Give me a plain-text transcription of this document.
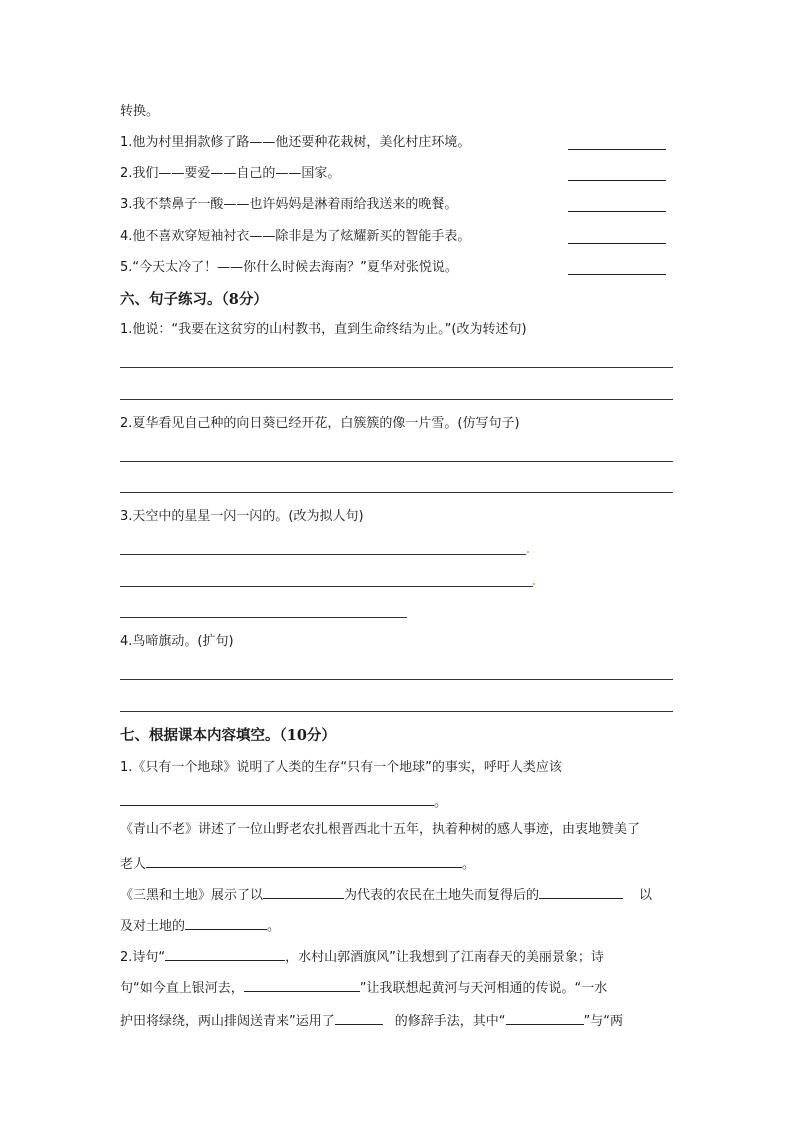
转换。
1.他为村里捐款修了路——他还要种花栽树，美化村庄环境。
2.我们——要爱——自己的——国家。
3.我不禁鼻子一酸——也许妈妈是淋着雨给我送来的晚餐。
4.他不喜欢穿短袖衬衣——除非是为了炫耀新买的智能手表。
5.“今天太冷了！——你什么时候去海南？”夏华对张悦说。
六、句子练习。（8分）
1.他说：“我要在这贫穷的山村教书，直到生命终结为止。”(改为转述句)
2.夏华看见自己种的向日葵已经开花，白簇簇的像一片雪。(仿写句子)
3.天空中的星星一闪一闪的。(改为拟人句)
4.鸟啼旗动。(扩句)
七、根据课本内容填空。（10分）
1.《只有一个地球》说明了人类的生存“只有一个地球”的事实，呼吁人类应该
。
《青山不老》讲述了一位山野老农扎根晋西北十五年，执着种树的感人事迹，由衷地赞美了
老人	。
《三黑和土地》展示了以	为代表的农民在土地失而复得后的	以
及对土地的	。
2.诗句“	，水村山郭酒旗风”让我想到了江南春天的美丽景象；诗
句“如今直上银河去，	”让我联想起黄河与天河相通的传说。“一水
护田将绿绕，两山排闼送青来”运用了	的修辞手法，其中“	”与“两
